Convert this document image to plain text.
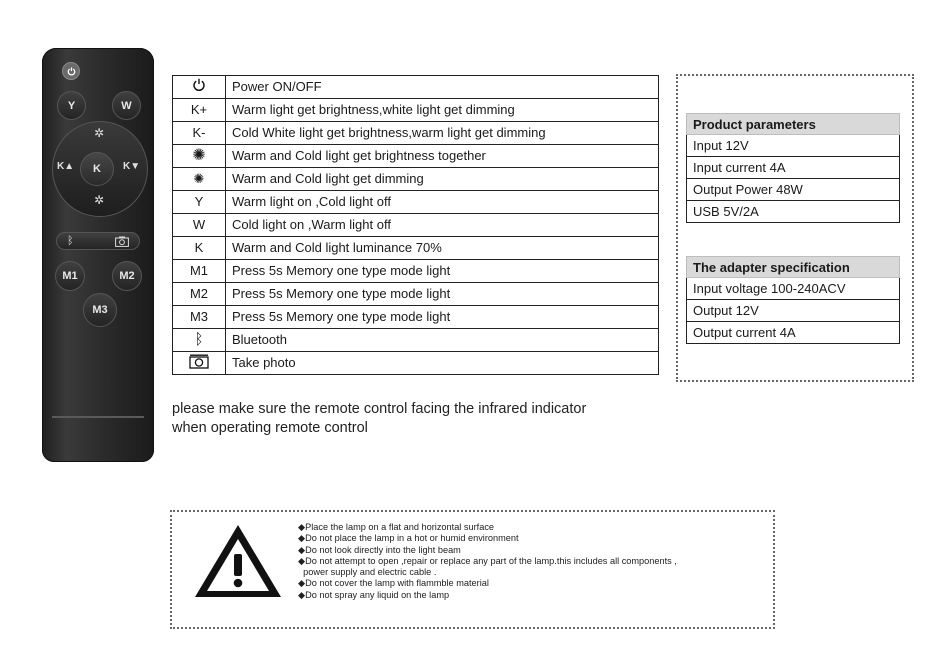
Y	W
✲
✲
K▲	K▼
K
ᛒ
M1	M2
M3
	Power ON/OFF
K+	Warm light get brightness,white light get dimming
K-	Cold White light get brightness,warm light get dimming
✺	Warm and Cold light get brightness together
✺	Warm and Cold light get dimming
Y	Warm light on ,Cold light off
W	Cold light on ,Warm light off
K	Warm and Cold light luminance 70%
M1	Press 5s Memory one type mode light
M2	Press 5s Memory one type mode light
M3	Press 5s Memory one type mode light
ᛒ	Bluetooth
	Take photo
please make sure the remote control facing the infrared indicator
when operating remote control
Product parameters
Input 12V
Input current 4A
Output Power 48W
USB 5V/2A
The adapter specification
Input voltage 100-240ACV
Output 12V
Output current 4A
◆Place the lamp on a flat and horizontal surface
◆Do not place the lamp in a hot or humid environment
◆Do not look directly into the light beam
◆Do not attempt to open ,repair or replace any part of the lamp.this includes all components ,
power supply and electric cable .
◆Do not cover the lamp with flammble material
◆Do not spray any liquid on the lamp
